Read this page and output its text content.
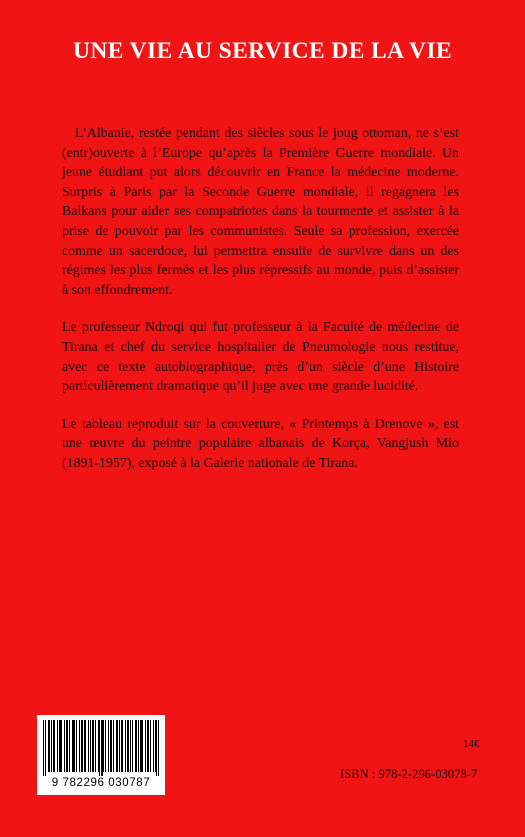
UNE VIE AU SERVICE DE LA VIE

L’Albanie, restée pendant des siècles sous le joug ottoman, ne s’est (entr)ouverte à l’Europe qu’après la Première Guerre mondiale. Un jeune étudiant put alors découvrir en France la médecine moderne. Surpris à Paris par la Seconde Guerre mondiale, il regagnera les Balkans pour aider ses compatriotes dans la tourmente et assister à la prise de pouvoir par les communistes. Seule sa profession, exercée comme un sacerdoce, lui permettra ensuite de survivre dans un des régimes les plus fermés et les plus répressifs au monde, puis d’assister à son effondrement.

Le professeur Ndroqi qui fut professeur à la Faculté de médecine de Tirana et chef du service hospitalier de Pneumologie nous restitue, avec ce texte autobiographique, près d’un siècle d’une Histoire particulièrement dramatique qu’il juge avec une grande lucidité.

Le tableau reproduit sur la couverture, « Printemps à Drenove », est une œuvre du peintre populaire albanais de Korça, Vangjush Mio (1891-1957), exposé à la Galerie nationale de Tirana.

9 782296 030787
14€
ISBN : 978-2-296-03078-7
